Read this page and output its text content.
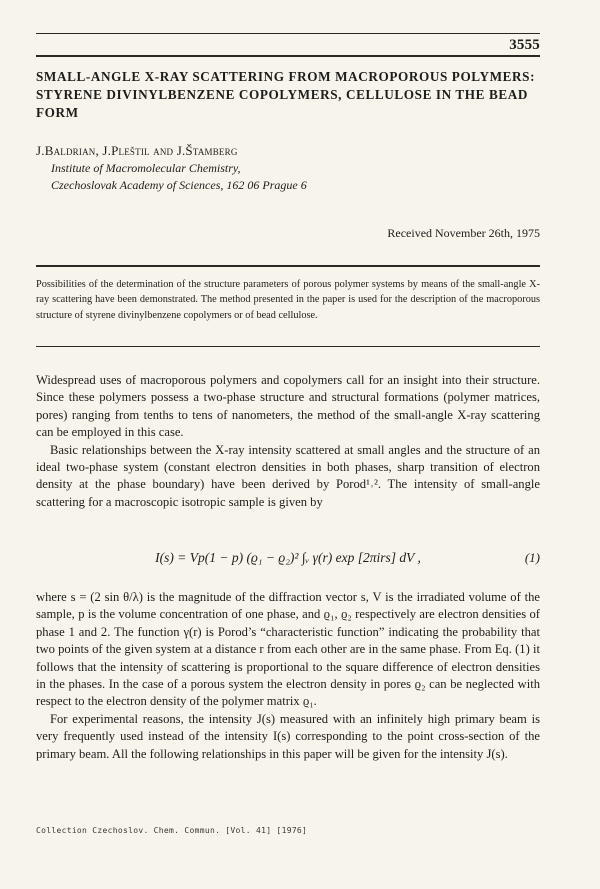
3555
SMALL-ANGLE X-RAY SCATTERING FROM MACROPOROUS POLYMERS: STYRENE DIVINYLBENZENE COPOLYMERS, CELLULOSE IN THE BEAD FORM
J.Baldrian, J.Pleštil and J.Štamberg
Institute of Macromolecular Chemistry,
Czechoslovak Academy of Sciences, 162 06 Prague 6
Received November 26th, 1975
Possibilities of the determination of the structure parameters of porous polymer systems by means of the small-angle X-ray scattering have been demonstrated. The method presented in the paper is used for the description of the macroporous structure of styrene divinylbenzene copolymers or of bead cellulose.

Widespread uses of macroporous polymers and copolymers call for an insight into their structure. Since these polymers possess a two-phase structure and structural formations (polymer matrices, pores) ranging from tenths to tens of nanometers, the method of the small-angle X-ray scattering can be employed in this case.

Basic relationships between the X-ray intensity scattered at small angles and the structure of an ideal two-phase system (constant electron densities in both phases, sharp transition of electron density at the phase boundary) have been derived by Porod¹˒². The intensity of small-angle scattering for a macroscopic isotropic sample is given by

I(s) = Vp(1 − p) (ϱ₁ − ϱ₂)² ∫ᵥ γ(r) exp [2πirs] dV ,	(1)

where s = (2 sin θ/λ) is the magnitude of the diffraction vector s, V is the irradiated volume of the sample, p is the volume concentration of one phase, and ϱ₁, ϱ₂ respectively are electron densities of phase 1 and 2. The function γ(r) is Porod’s “characteristic function” indicating the probability that two points of the given system at a distance r from each other are in the same phase. From Eq. (1) it follows that the intensity of scattering is proportional to the square difference of electron densities in the phases. In the case of a porous system the electron density in pores ϱ₂ can be neglected with respect to the electron density of the polymer matrix ϱ₁.

For experimental reasons, the intensity J(s) measured with an infinitely high primary beam is very frequently used instead of the intensity I(s) corresponding to the point cross-section of the primary beam. All the following relationships in this paper will be given for the intensity J(s).

Collection Czechoslov. Chem. Commun. [Vol. 41] [1976]
